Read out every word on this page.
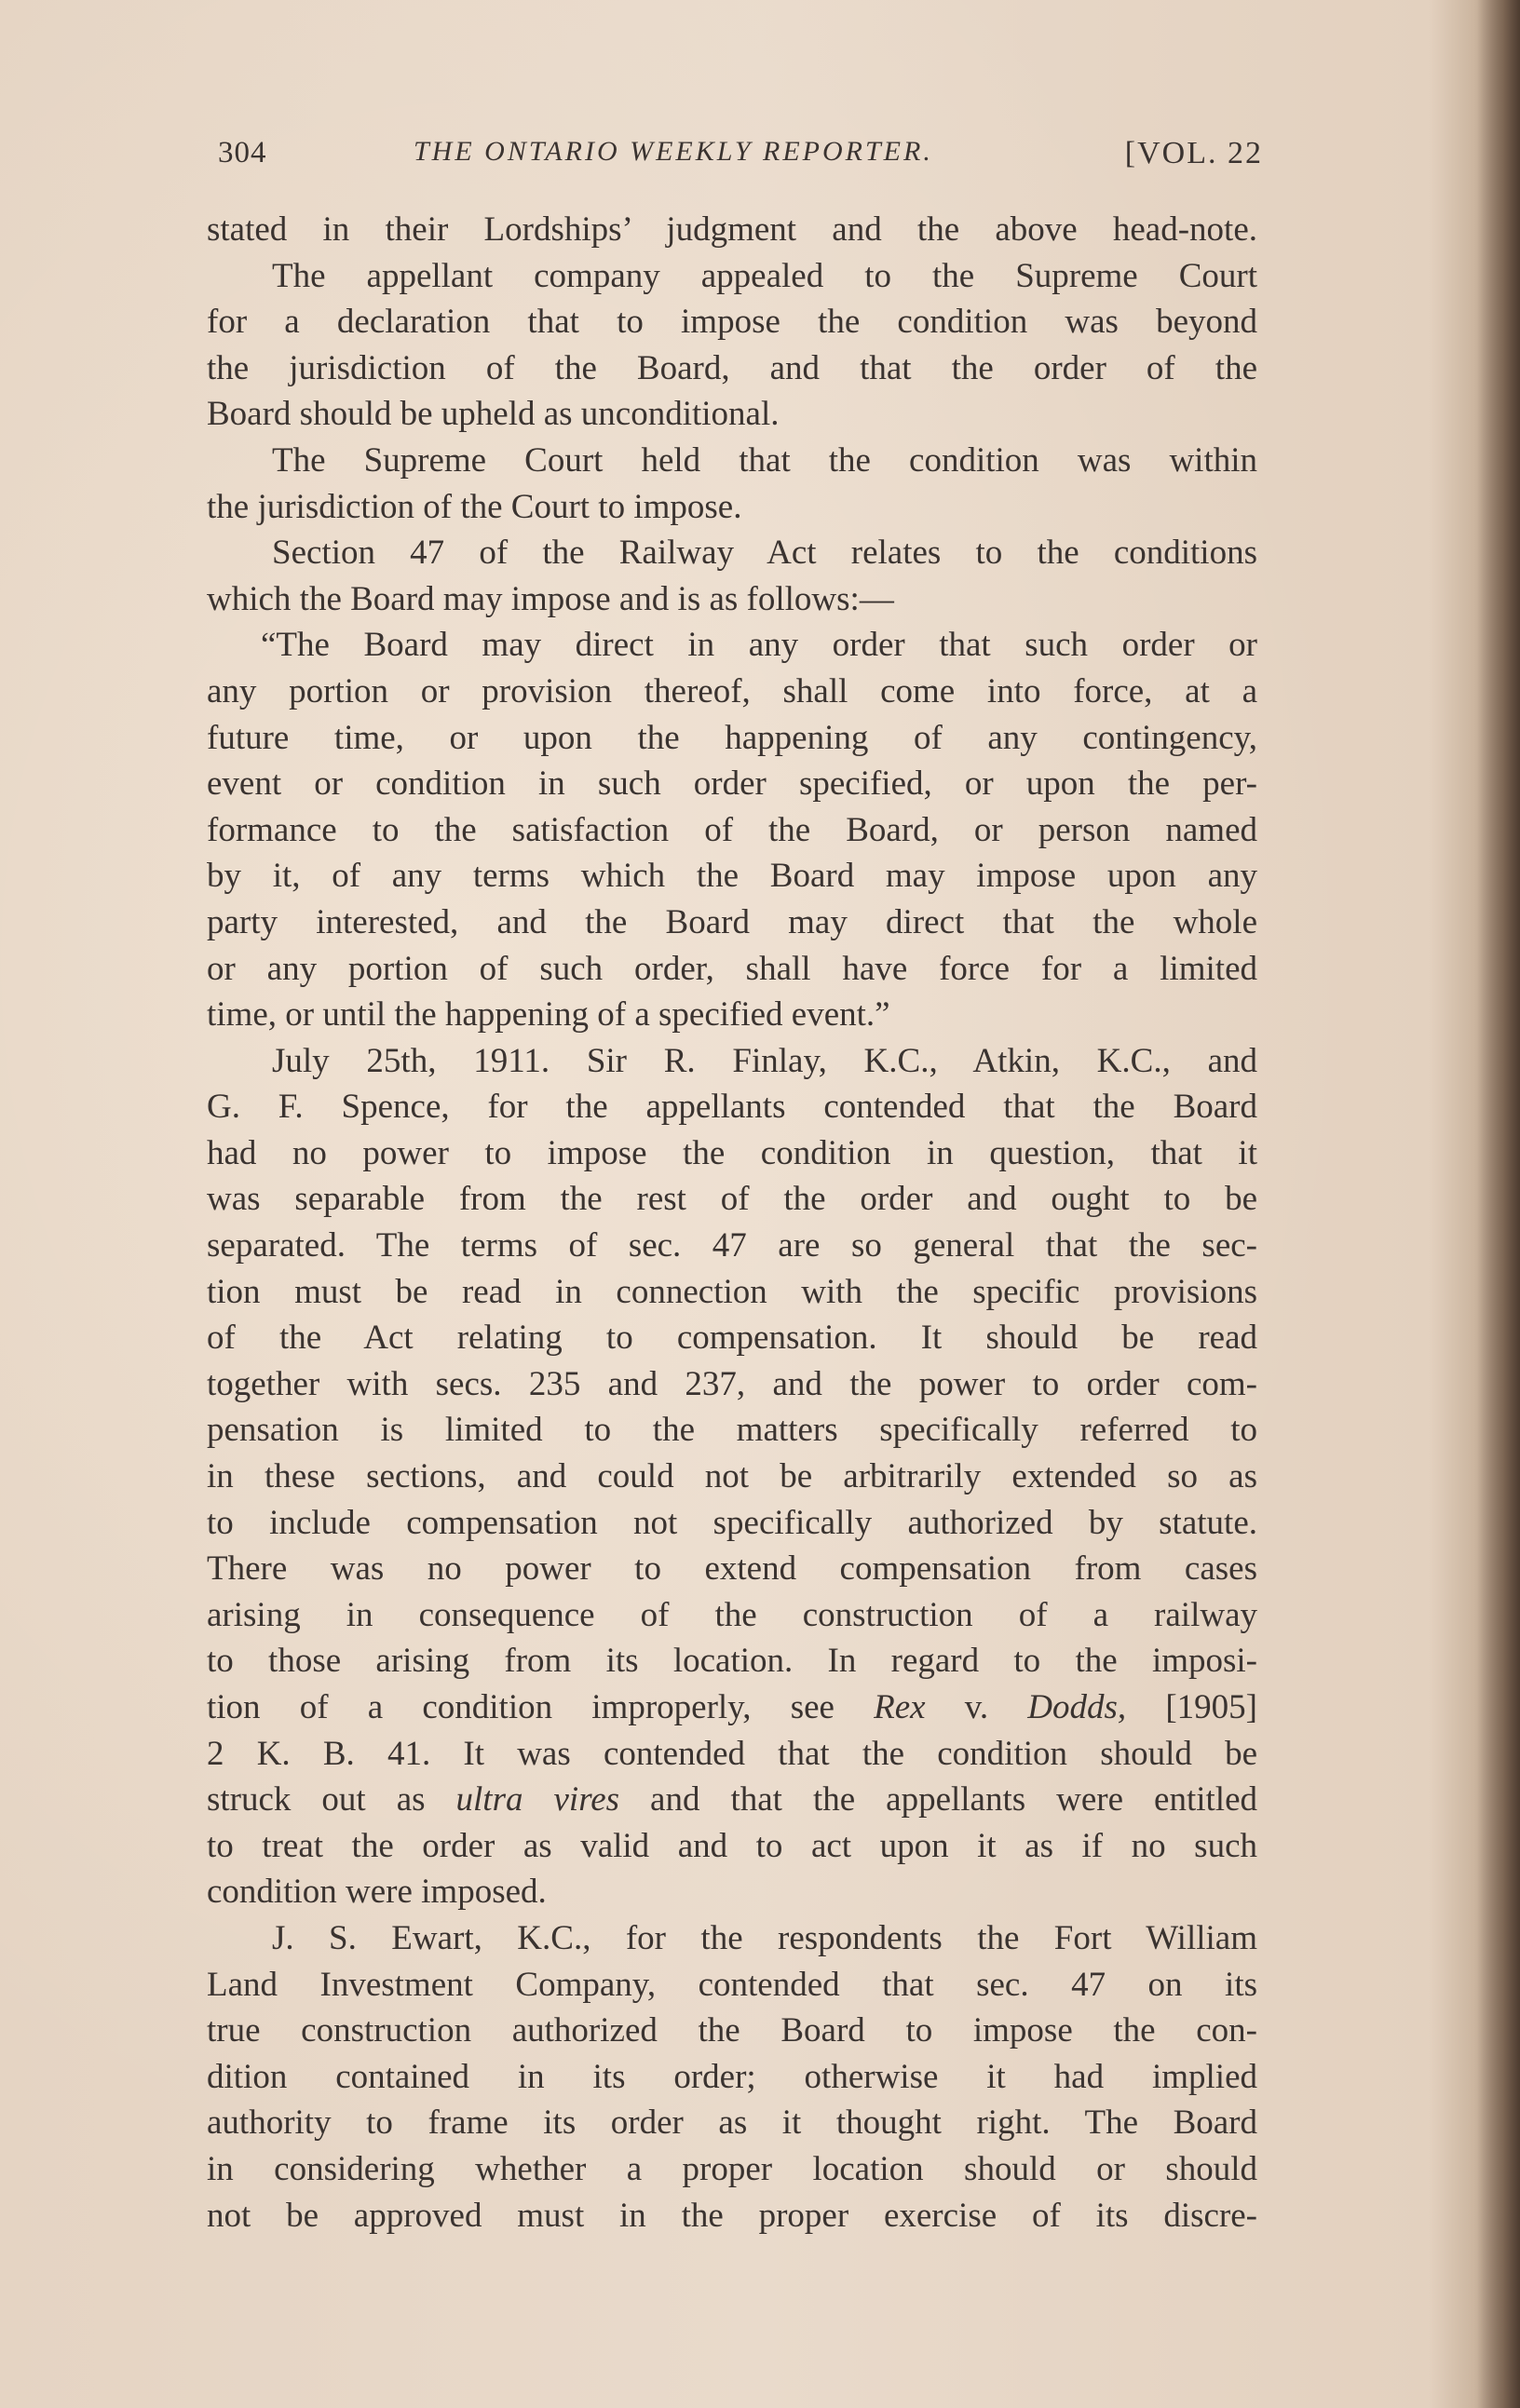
304	THE ONTARIO WEEKLY REPORTER.	[VOL. 22
stated in their Lordships’ judgment and the above head-note.
The appellant company appealed to the Supreme Court
for a declaration that to impose the condition was beyond
the jurisdiction of the Board, and that the order of the
Board should be upheld as unconditional.
The Supreme Court held that the condition was within
the jurisdiction of the Court to impose.
Section 47 of the Railway Act relates to the conditions
which the Board may impose and is as follows:—
“The Board may direct in any order that such order or
any portion or provision thereof, shall come into force, at a
future time, or upon the happening of any contingency,
event or condition in such order specified, or upon the per-
formance to the satisfaction of the Board, or person named
by it, of any terms which the Board may impose upon any
party interested, and the Board may direct that the whole
or any portion of such order, shall have force for a limited
time, or until the happening of a specified event.”
July 25th, 1911. Sir R. Finlay, K.C., Atkin, K.C., and
G. F. Spence, for the appellants contended that the Board
had no power to impose the condition in question, that it
was separable from the rest of the order and ought to be
separated. The terms of sec. 47 are so general that the sec-
tion must be read in connection with the specific provisions
of the Act relating to compensation. It should be read
together with secs. 235 and 237, and the power to order com-
pensation is limited to the matters specifically referred to
in these sections, and could not be arbitrarily extended so as
to include compensation not specifically authorized by statute.
There was no power to extend compensation from cases
arising in consequence of the construction of a railway
to those arising from its location. In regard to the imposi-
tion of a condition improperly, see Rex v. Dodds, [1905]
2 K. B. 41. It was contended that the condition should be
struck out as ultra vires and that the appellants were entitled
to treat the order as valid and to act upon it as if no such
condition were imposed.
J. S. Ewart, K.C., for the respondents the Fort William
Land Investment Company, contended that sec. 47 on its
true construction authorized the Board to impose the con-
dition contained in its order; otherwise it had implied
authority to frame its order as it thought right. The Board
in considering whether a proper location should or should
not be approved must in the proper exercise of its discre-
